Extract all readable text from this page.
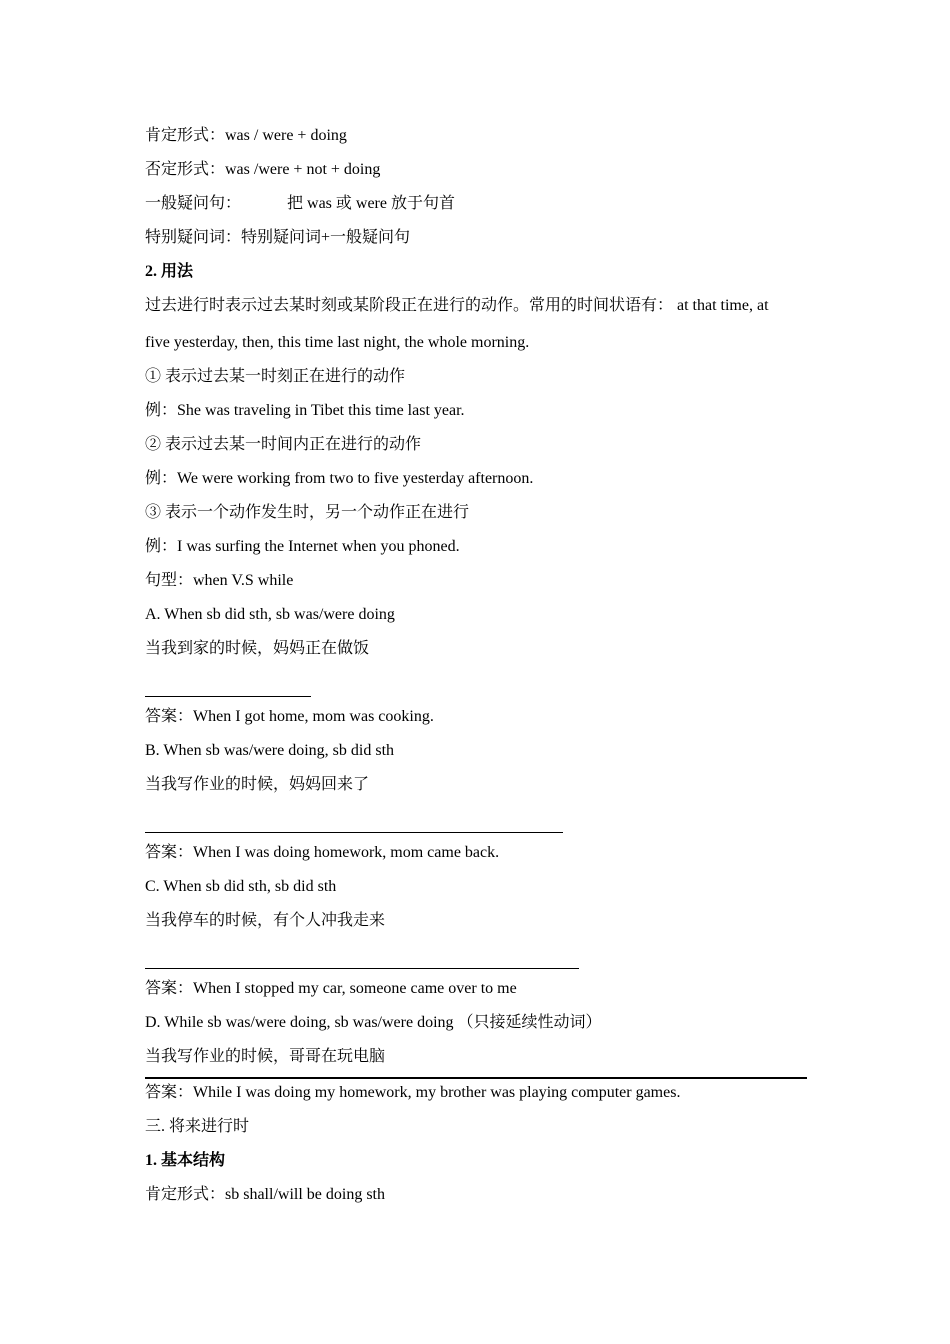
肯定形式：was / were + doing
否定形式：was /were + not + doing
一般疑问句：	把 was 或 were 放于句首
特别疑问词：特别疑问词+一般疑问句
2. 用法
过去进行时表示过去某时刻或某阶段正在进行的动作。常用的时间状语有： at that time, at
five yesterday, then, this time last night, the whole morning.
① 表示过去某一时刻正在进行的动作
例：She was traveling in Tibet this time last year.
② 表示过去某一时间内正在进行的动作
例：We were working from two to five yesterday afternoon.
③ 表示一个动作发生时，另一个动作正在进行
例：I was surfing the Internet when you phoned.
句型：when V.S while
A. When sb did sth, sb was/were doing
当我到家的时候，妈妈正在做饭
答案：When I got home, mom was cooking.
B. When sb was/were doing, sb did sth
当我写作业的时候，妈妈回来了
答案：When I was doing homework, mom came back.
C. When sb did sth, sb did sth
当我停车的时候，有个人冲我走来
答案：When I stopped my car, someone came over to me
D. While sb was/were doing, sb was/were doing （只接延续性动词）
当我写作业的时候，哥哥在玩电脑
答案：While I was doing my homework, my brother was playing computer games.
三. 将来进行时
1. 基本结构
肯定形式：sb shall/will be doing sth
